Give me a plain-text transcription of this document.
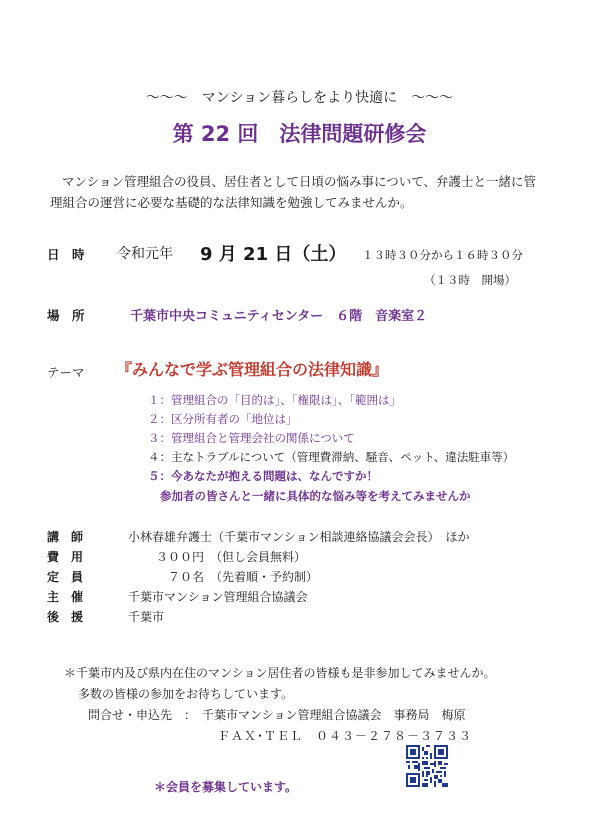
～～～　マンション暮らしをより快適に　～～～
第 22 回　法律問題研修会

マンション管理組合の役員、居住者として日頃の悩み事について、弁護士と一緒に管

理組合の運営に必要な基礎的な法律知識を勉強してみませんか。

日　時 令和元年 9 月 21 日（土） １３時３０分から１６時３０分
（１３時　開場）
場　所	千葉市中央コミュニティセンター　６階　音楽室２
テーマ 『みんなで学ぶ管理組合の法律知識』
１：管理組合の「目的は」、「権限は」、「範囲は」
２：区分所有者の「地位は」
３：管理組合と管理会社の関係について
４：主なトラブルについて（管理費滞納、騒音、ペット、違法駐車等）
５：今あなたが抱える問題は、なんですか！
参加者の皆さんと一緒に具体的な悩み等を考えてみませんか
講　師	小林春雄弁護士（千葉市マンション相談連絡協議会会長）　ほか
費　用	３００円　（但し会員無料）
定　員	７０名　（先着順・予約制）
主　催	千葉市マンション管理組合協議会
後　援	千葉市
＊千葉市内及び県内在住のマンション居住者の皆様も是非参加してみませんか。
多数の皆様の参加をお待ちしています。
問合せ・申込先　：　千葉市マンション管理組合協議会　事務局　梅原
ＦＡＸ･ＴＥＬ　０４３－２７８－３７３３
＊会員を募集しています。
